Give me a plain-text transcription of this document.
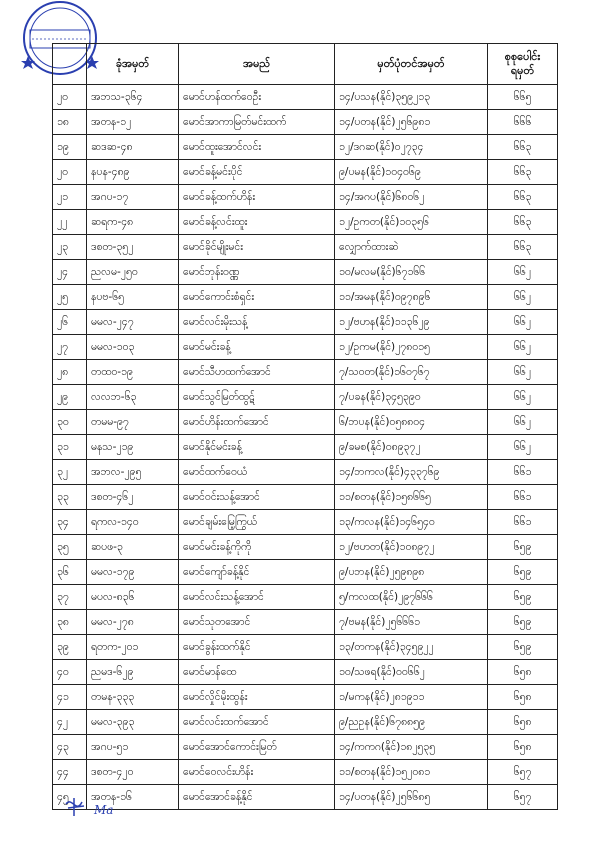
	ခုံအမှတ်	အမည်	မှတ်ပုံတင်အမှတ်	စုစုပေါင်း
ရမှတ်

၂၀	အဘသ-၃၆၄	မောင်ဟန်ထက်ဝေဦး	၁၄/ပသန(နိုင်)၃၅၉၂၁၃	၆၆၅
၁၈	အတန-၁၂	မောင်အာကာမြတ်မင်းထက်	၁၄/ပတန(နိုင်)၂၅၆၉၈၁	၆၆၆
၁၉	ဆဒဆ-၄၈	မောင်ထူးအောင်လင်း	၁၂/ဒဂဆ(နိုင်)၀၂၇၃၄	၆၆၃
၂၀	နပန-၄၈၉	မောင်ခန့်မင်းပိုင်	၉/ပမန(နိုင်)၁၀၄၀၆၉	၆၆၃
၂၁	အဂပ-၁၇	မောင်ခန့်ထက်ဟိန်း	၁၄/အဂပ(နိုင်)၆၈၀၆၂	၆၆၃
၂၂	ဆရက-၄၈	မောင်ခန့်လင်းထူး	၁၂/ဥကတ(နိုင်)၁၀၃၅၆	၆၆၃
၂၃	ဒစတ-၃၅၂	မောင်ခိုင်မျိုးမင်း	လျှောက်ထားဆဲ	၆၆၃
၂၄	ညလမ-၂၅၀	မောင်ဘုန်းဝဏ္ဏ	၁၀/မလမ(နိုင်)၆၇၁၆၆	၆၆၂
၂၅	နပဗ-၆၅	မောင်ကောင်းစံရှင်း	၁၁/အမန(နိုင်)၀၉၇၈၉၆	၆၆၂
၂၆	မမလ-၂၄၇	မောင်လင်းမိုးသန့်	၁၂/ဗဟန(နိုင်)၁၁၃၆၂၉	၆၆၂
၂၇	မမလ-၁၀၃	မောင်မင်းခန့်	၁၂/ဥကမ(နိုင်)၂၇၈၀၁၅	၆၆၂
၂၈	တထဝ-၁၉	မောင်သီဟထက်အောင်	၇/သဝတ(နိုင်)၁၆၀၇၆၇	၆၆၂
၂၉	လလဘ-၆၃	မောင်သွင်မြတ်ထွဋ်	၇/ပခန(နိုင်)၃၄၅၃၉၀	၆၆၂
၃၀	တမမ-၉၇	မောင်ဟိန်းထက်အောင်	၆/ဘပန(နိုင်)၀၅၈၈၀၄	၆၆၂
၃၁	မနသ-၂၁၉	မောင်နိုင်မင်းခန့်	၉/ခမစ(နိုင်)၀၈၉၃၇၂	၆၆၂
၃၂	အဘလ-၂၉၅	မောင်ထက်ဝေယံ	၁၄/ဘကလ(နိုင်)၄၃၃၇၆၉	၆၆၁
၃၃	ဒစတ-၄၆၂	မောင်ဝင်းသန့်အောင်	၁၁/စတန(နိုင်)၁၅၈၆၆၅	၆၆၁
၃၄	ရကလ-၁၄၀	မောင်ချမ်းမြေ့ကြွယ်	၁၃/ကလန(နိုင်)၁၄၆၅၄၀	၆၆၁
၃၅	ဆပဖ-၃	မောင်မင်းခန့်ကိုကို	၁၂/ဗဟတ(နိုင်)၁၀၈၉၇၂	၆၅၉
၃၆	မမလ-၁၇၉	မောင်ကျော်ခန့်နိုင်	၉/ပဘန(နိုင်)၂၅၉၈၉၈	၆၅၉
၃၇	မပလ-၈၃၆	မောင်လင်းသန့်အောင်	၅/ကလထ(နိုင်)၂၉၇၆၆၆	၆၅၉
၃၈	မမလ-၂၇၈	မောင်သုတအောင်	၇/ဗမန(နိုင်)၂၅၆၆၆၁	၆၅၉
၃၉	ရတက-၂၀၁	မောင်ခွန်းထက်နိုင်	၁၃/တကန(နိုင်)၃၄၅၉၂၂	၆၅၉
၄၀	ညမဒ-၆၂၉	မောင်မာန်ထေ	၁၀/သဖရ(နိုင်)၀၀၆၆၂	၆၅၈
၄၁	တမန-၃၃၃	မောင်လှိုင်မိုးထွန်း	၁/မကန(နိုင်)၂၈၁၉၁၁	၆၅၈
၄၂	မမလ-၃၉၃	မောင်လင်းထက်အောင်	၉/ညဥန(နိုင်)၆၇၈၈၅၉	၆၅၈
၄၃	အဂပ-၅၁	မောင်အောင်ကောင်းမြတ်	၁၄/ကကဂ(နိုင်)၁၈၂၅၃၅	၆၅၈
၄၄	ဒစတ-၄၂၀	မောင်ဝေလင်းဟိန်း	၁၁/စတန(နိုင်)၁၅၂၀၈၁	၆၅၇
၄၅	အတန-၁၆	မောင်အောင်ခန့်နိုင်	၁၄/ပတန(နိုင်)၂၅၆၆၈၅	၆၅၇
Ma
